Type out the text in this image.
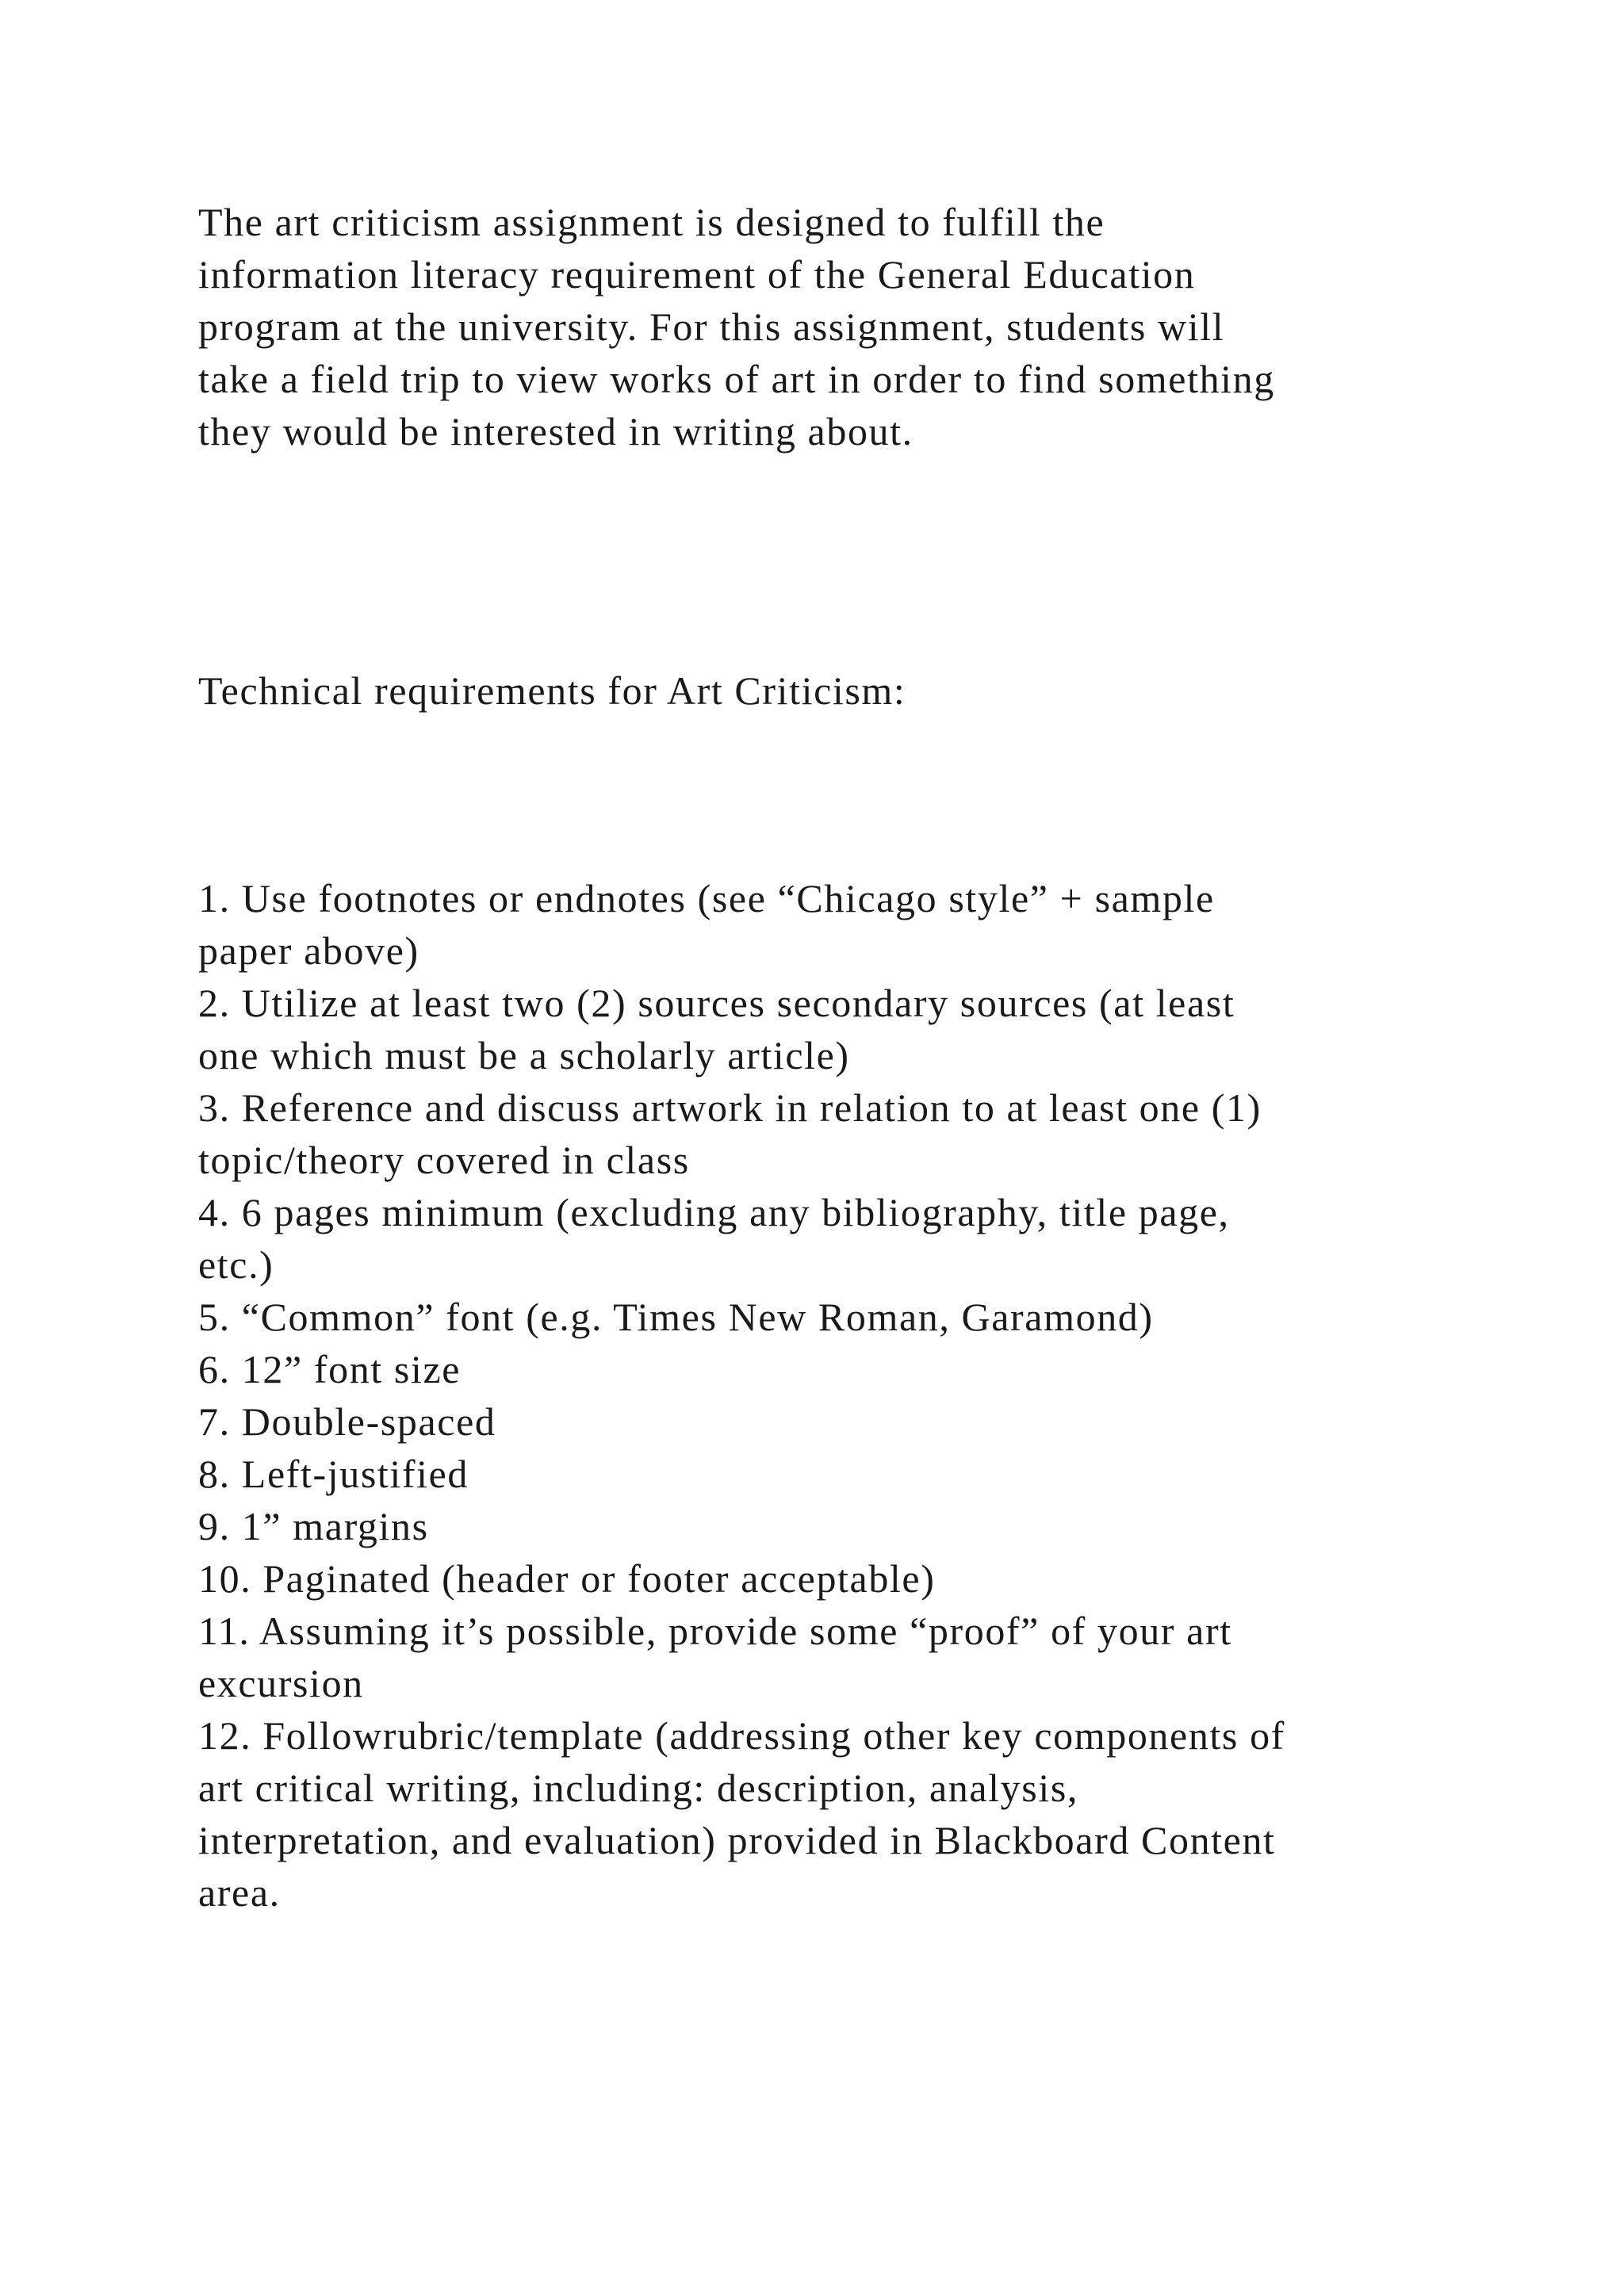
The art criticism assignment is designed to fulfill the
information literacy requirement of the General Education
program at the university. For this assignment, students will
take a field trip to view works of art in order to find something
they would be interested in writing about.

Technical requirements for Art Criticism:

1. Use footnotes or endnotes (see “Chicago style” + sample
paper above)
2. Utilize at least two (2) sources secondary sources (at least
one which must be a scholarly article)
3. Reference and discuss artwork in relation to at least one (1)
topic/theory covered in class
4. 6 pages minimum (excluding any bibliography, title page,
etc.)
5. “Common” font (e.g. Times New Roman, Garamond)
6. 12” font size
7. Double-spaced
8. Left-justified
9. 1” margins
10. Paginated (header or footer acceptable)
11. Assuming it’s possible, provide some “proof” of your art
excursion
12. Followrubric/template (addressing other key components of
art critical writing, including: description, analysis,
interpretation, and evaluation) provided in Blackboard Content
area.
